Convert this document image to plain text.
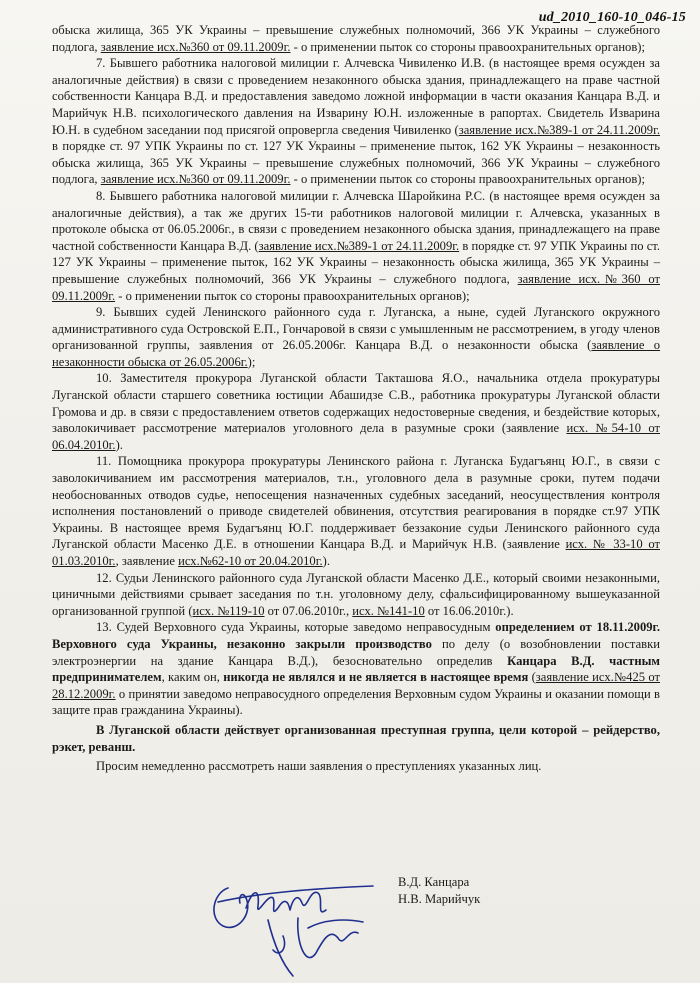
ud_2010_160-10_046-15

обыска жилища, 365 УК Украины – превышение служебных полномочий, 366 УК Украины – служебного подлога, заявление исх.№360 от 09.11.2009г. - о применении пыток со стороны правоохранительных органов);

7. Бывшего работника налоговой милиции г. Алчевска Чивиленко И.В. (в настоящее время осужден за аналогичные действия) в связи с проведением незаконного обыска здания, принадлежащего на праве частной собственности Канцара В.Д. и предоставления заведомо ложной информации в части оказания Канцара В.Д. и Марийчук Н.В. психологического давления на Изварину Ю.Н. изложенные в рапортах. Свидетель Изварина Ю.Н. в судебном заседании под присягой опровергла сведения Чивиленко (заявление исх.№389-1 от 24.11.2009г. в порядке ст. 97 УПК Украины по ст. 127 УК Украины – применение пыток, 162 УК Украины – незаконность обыска жилища, 365 УК Украины – превышение служебных полномочий, 366 УК Украины – служебного подлога, заявление исх.№360 от 09.11.2009г. - о применении пыток со стороны правоохранительных органов);

8. Бывшего работника налоговой милиции г. Алчевска Шаройкина Р.С. (в настоящее время осужден за аналогичные действия), а так же других 15-ти работников налоговой милиции г. Алчевска, указанных в протоколе обыска от 06.05.2006г., в связи с проведением незаконного обыска здания, принадлежащего на праве частной собственности Канцара В.Д. (заявление исх.№389-1 от 24.11.2009г. в порядке ст. 97 УПК Украины по ст. 127 УК Украины – применение пыток, 162 УК Украины – незаконность обыска жилища, 365 УК Украины – превышение служебных полномочий, 366 УК Украины – служебного подлога, заявление исх.№360 от 09.11.2009г. - о применении пыток со стороны правоохранительных органов);

9. Бывших судей Ленинского районного суда г. Луганска, а ныне, судей Луганского окружного административного суда Островской Е.П., Гончаровой в связи с умышленным не рассмотрением, в угоду членов организованной группы, заявления от 26.05.2006г. Канцара В.Д. о незаконности обыска (заявление о незаконности обыска от 26.05.2006г.);

10. Заместителя прокурора Луганской области Такташова Я.О., начальника отдела прокуратуры Луганской области старшего советника юстиции Абашидзе С.В., работника прокуратуры Луганской области Громова и др. в связи с предоставлением ответов содержащих недостоверные сведения, и бездействие которых, заволокичивает рассмотрение материалов уголовного дела в разумные сроки (заявление исх. №54-10 от 06.04.2010г.).

11. Помощника прокурора прокуратуры Ленинского района г. Луганска Будагъянц Ю.Г., в связи с заволокичиванием им рассмотрения материалов, т.н., уголовного дела в разумные сроки, путем подачи необоснованных отводов судье, непосещения назначенных судебных заседаний, неосуществления контроля исполнения постановлений о приводе свидетелей обвинения, отсутствия реагирования в порядке ст.97 УПК Украины. В настоящее время Будагъянц Ю.Г. поддерживает беззаконие судьи Ленинского районного суда Луганской области Масенко Д.Е. в отношении Канцара В.Д. и Марийчук Н.В. (заявление исх. № 33-10 от 01.03.2010г., заявление исх.№62-10 от 20.04.2010г.).

12. Судьи Ленинского районного суда Луганской области Масенко Д.Е., который своими незаконными, циничными действиями срывает заседания по т.н. уголовному делу, сфальсифицированному вышеуказанной организованной группой (исх. №119-10 от 07.06.2010г., исх. №141-10 от 16.06.2010г.).

13. Судей Верховного суда Украины, которые заведомо неправосудным определением от 18.11.2009г. Верховного суда Украины, незаконно закрыли производство по делу (о возобновлении поставки электроэнергии на здание Канцара В.Д.), безосновательно определив Канцара В.Д. частным предпринимателем, каким он, никогда не являлся и не является в настоящее время (заявление исх.№425 от 28.12.2009г. о принятии заведомо неправосудного определения Верховным судом Украины и оказании помощи в защите прав гражданина Украины).

В Луганской области действует организованная преступная группа, цели которой – рейдерство, рэкет, реванш.

Просим немедленно рассмотреть наши заявления о преступлениях указанных лиц.

В.Д. Канцара
Н.В. Марийчук
